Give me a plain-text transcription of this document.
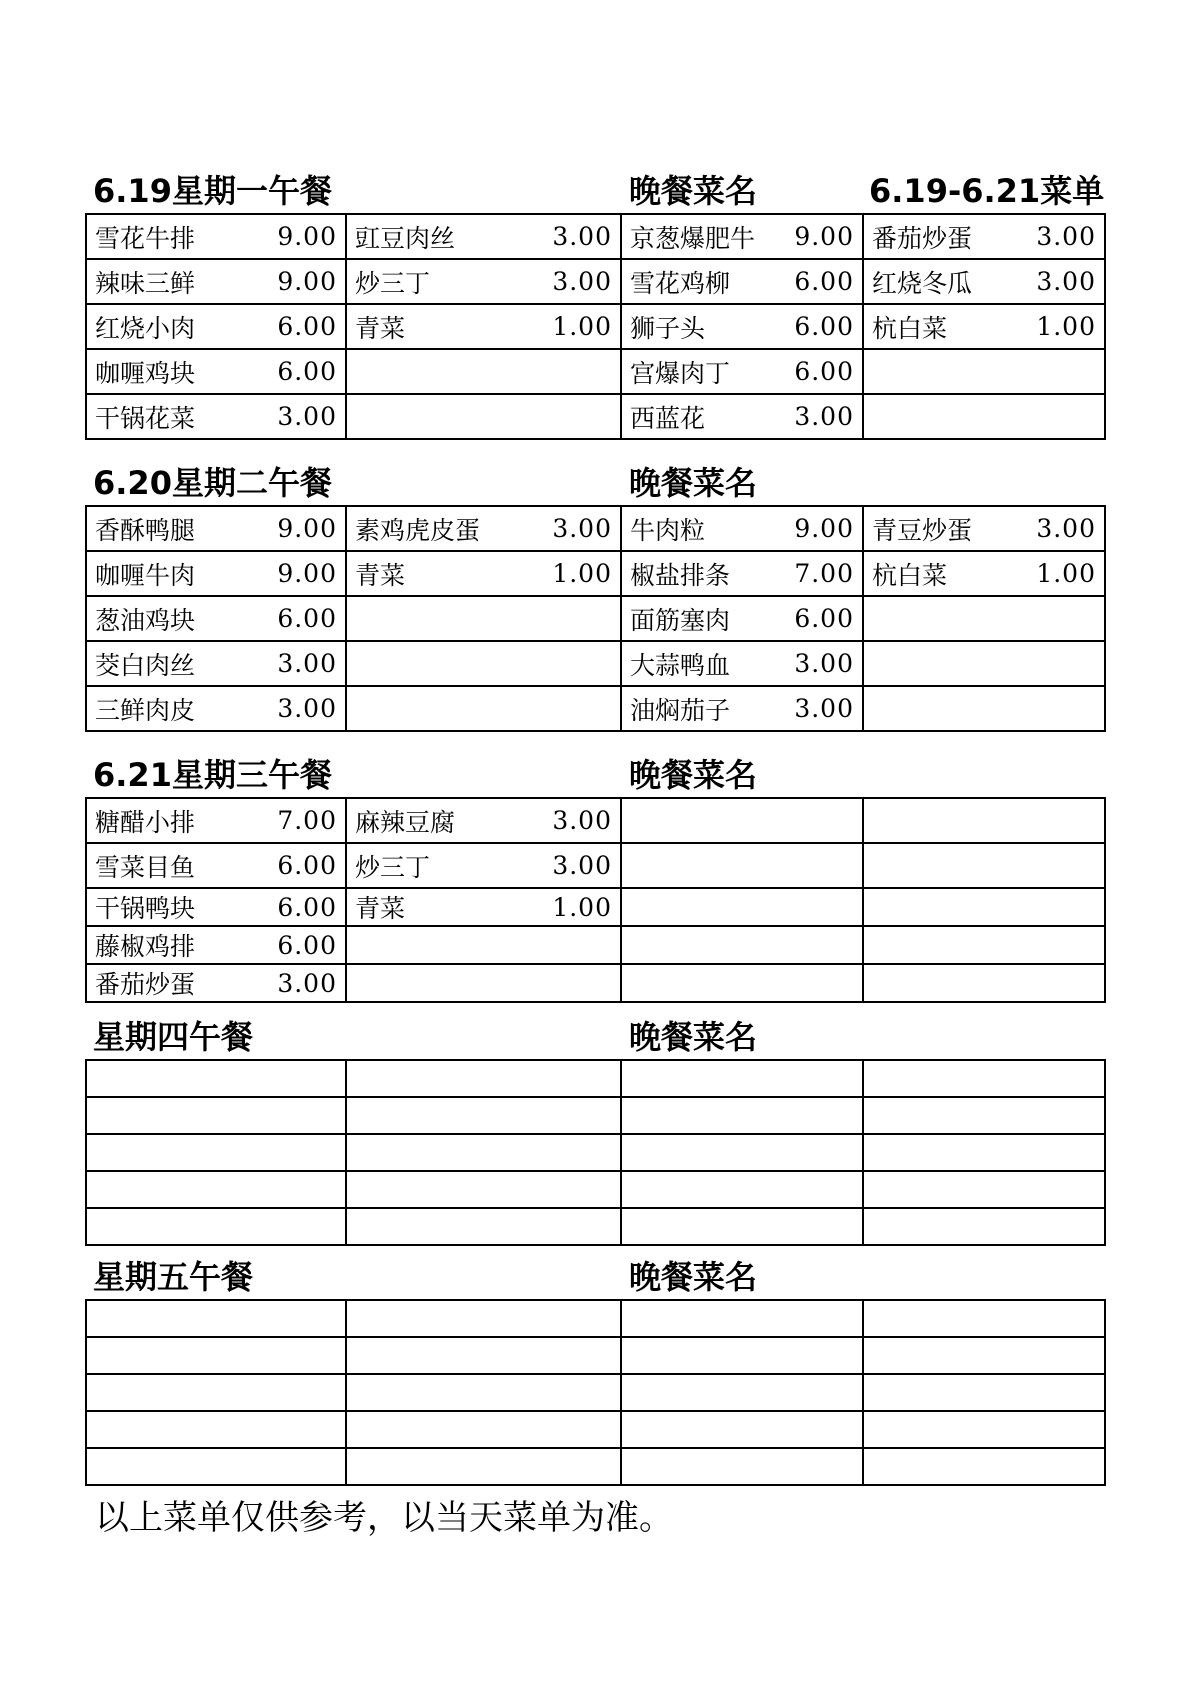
6.19星期一午餐	晚餐菜名	6.19-6.21菜单
雪花牛排 9.00	豇豆肉丝 3.00	京葱爆肥牛 9.00	番茄炒蛋 3.00

辣味三鲜 9.00	炒三丁 3.00	雪花鸡柳 6.00	红烧冬瓜 3.00

红烧小肉 6.00	青菜 1.00	狮子头 6.00	杭白菜 1.00

咖喱鸡块 6.00		宫爆肉丁 6.00	

干锅花菜 3.00		西蓝花 3.00	

6.20星期二午餐	晚餐菜名
香酥鸭腿 9.00	素鸡虎皮蛋 3.00	牛肉粒 9.00	青豆炒蛋 3.00

咖喱牛肉 9.00	青菜 1.00	椒盐排条 7.00	杭白菜 1.00

葱油鸡块 6.00		面筋塞肉 6.00	

茭白肉丝 3.00		大蒜鸭血 3.00	

三鲜肉皮 3.00		油焖茄子 3.00	

6.21星期三午餐	晚餐菜名
糖醋小排 7.00	麻辣豆腐 3.00		

雪菜目鱼 6.00	炒三丁 3.00		

干锅鸭块 6.00	青菜 1.00		

藤椒鸡排 6.00			

番茄炒蛋 3.00			

星期四午餐	晚餐菜名

星期五午餐	晚餐菜名

以上菜单仅供参考，以当天菜单为准。
